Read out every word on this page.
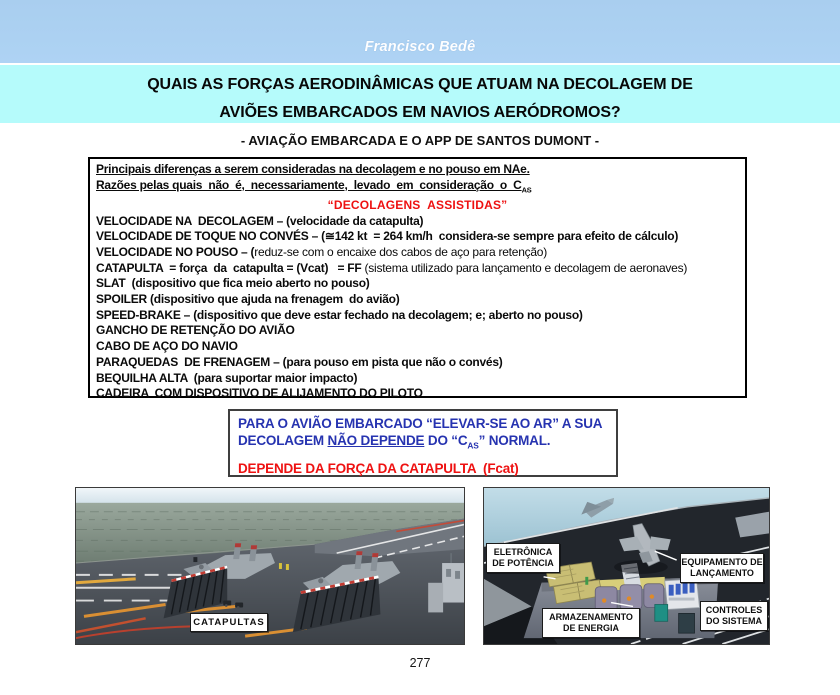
Francisco Bedê
QUAIS AS FORÇAS AERODINÂMICAS QUE ATUAM NA DECOLAGEM DE
AVIÕES EMBARCADOS EM NAVIOS AERÓDROMOS?
- AVIAÇÃO EMBARCADA E O APP DE SANTOS DUMONT -
Principais diferenças a serem consideradas na decolagem e no pouso em NAe.
Razões pelas quais  não  é,  necessariamente,  levado  em  consideração  o  $C_{AS}$
“DECOLAGENS  ASSISTIDAS”
VELOCIDADE NA  DECOLAGEM – (velocidade da catapulta)
VELOCIDADE DE TOQUE NO CONVÉS – (≅142 kt  = 264 km/h  considera-se sempre para efeito de cálculo)
VELOCIDADE NO POUSO – (reduz-se com o encaixe dos cabos de aço para retenção)
CATAPULTA  = força  da  catapulta = (Vcat)   = FF (sistema utilizado para lançamento e decolagem de aeronaves)
SLAT  (dispositivo que fica meio aberto no pouso)
SPOILER (dispositivo que ajuda na frenagem  do avião)
SPEED-BRAKE – (dispositivo que deve estar fechado na decolagem; e; aberto no pouso)
GANCHO DE RETENÇÃO DO AVIÃO
CABO DE AÇO DO NAVIO
PARAQUEDAS  DE FRENAGEM – (para pouso em pista que não o convés)
BEQUILHA ALTA  (para suportar maior impacto)
CADEIRA  COM DISPOSITIVO DE ALIJAMENTO DO PILOTO
PARA O AVIÃO EMBARCADO “ELEVAR-SE AO AR” A SUA
DECOLAGEM NÃO DEPENDE DO “$C_{AS}$” NORMAL.
DEPENDE DA FORÇA DA CATAPULTA  (Fcat)
CATAPULTAS
ELETRÔNICA DE POTÊNCIA	EQUIPAMENTO DE LANÇAMENTO
ARMAZENAMENTO DE ENERGIA
CONTROLES DO SISTEMA
277
